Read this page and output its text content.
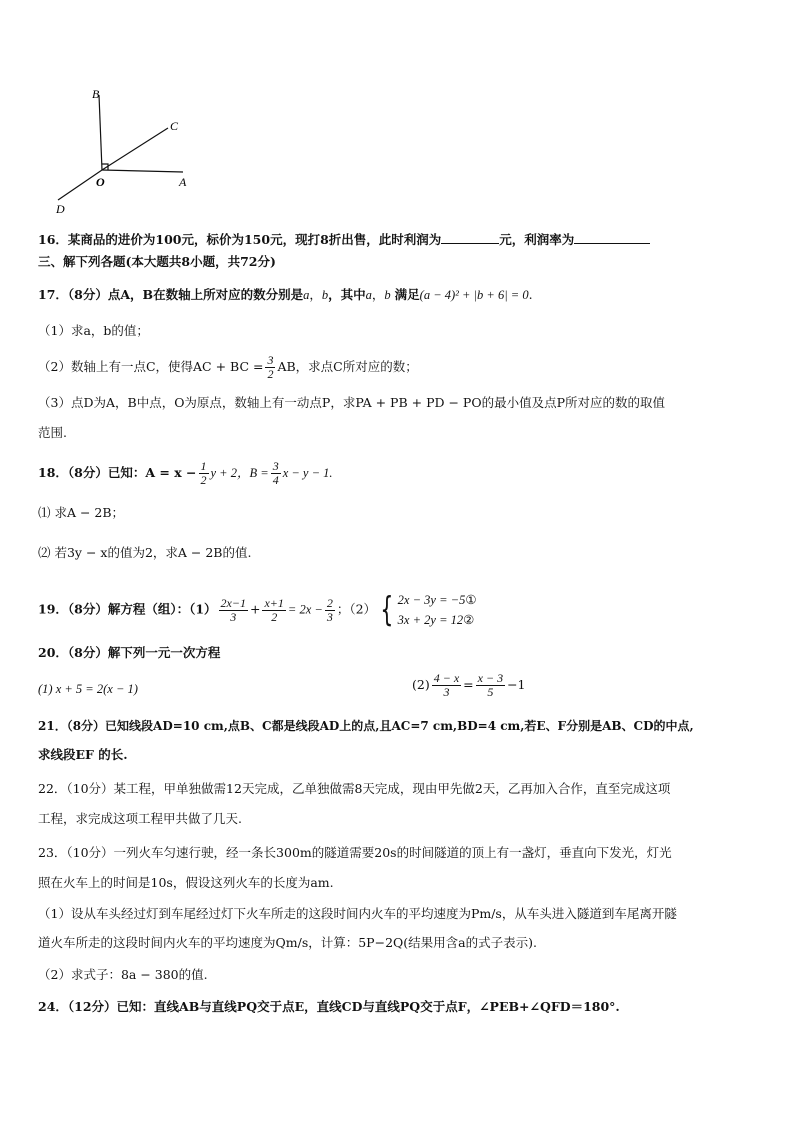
B
C
O	A
D
16．某商品的进价为100元，标价为150元，现打8折出售，此时利润为	元，利润率为
三、解下列各题(本大题共8小题，共72分)
17．（8分）点A，B在数轴上所对应的数分别是a，b，其中a，b 满足(a − 4)² + |b + 6| = 0.
（1）求a，b的值；
（2）数轴上有一点C，使得AC + BC = $\frac{3}{2}$ AB，求点C所对应的数；
（3）点D为A，B中点，O为原点，数轴上有一动点P，求PA + PB + PD − PO的最小值及点P所对应的数的取值
范围.
18．（8分）已知：$A = x - \frac{1}{2}$ y + 2，$B = \frac{3}{4}$ x − y − 1.
⑴ 求A − 2B；
⑵ 若3y − x的值为2，求A − 2B的值.
19．（8分）解方程（组）：$(1) \frac{2x-1}{3} + \frac{x+1}{2} = 2x - \frac{2}{3}$ ；（2） { 2x − 3y = −5①
3x + 2y = 12②
20．（8分）解下列一元一次方程
(1) x + 5 = 2(x − 1)	$(2) \frac{4 - x}{3} = \frac{x - 3}{5} -1$
21．（8分）已知线段AD=10 cm,点B、C都是线段AD上的点,且AC=7 cm,BD=4 cm,若E、F分别是AB、CD的中点,
求线段EF 的长.
22．（10分）某工程，甲单独做需12天完成，乙单独做需8天完成，现由甲先做2天，乙再加入合作，直至完成这项
工程，求完成这项工程甲共做了几天.
23．（10分）一列火车匀速行驶，经一条长300m的隧道需要20s的时间隧道的顶上有一盏灯，垂直向下发光，灯光
照在火车上的时间是10s，假设这列火车的长度为am.
（1）设从车头经过灯到车尾经过灯下火车所走的这段时间内火车的平均速度为Pm/s，从车头进入隧道到车尾离开隧
道火车所走的这段时间内火车的平均速度为Qm/s，计算：5P−2Q(结果用含a的式子表示).
（2）求式子：8a − 380的值.
24．（12分）已知：直线AB与直线PQ交于点E，直线CD与直线PQ交于点F，∠PEB+∠QFD＝180°.
